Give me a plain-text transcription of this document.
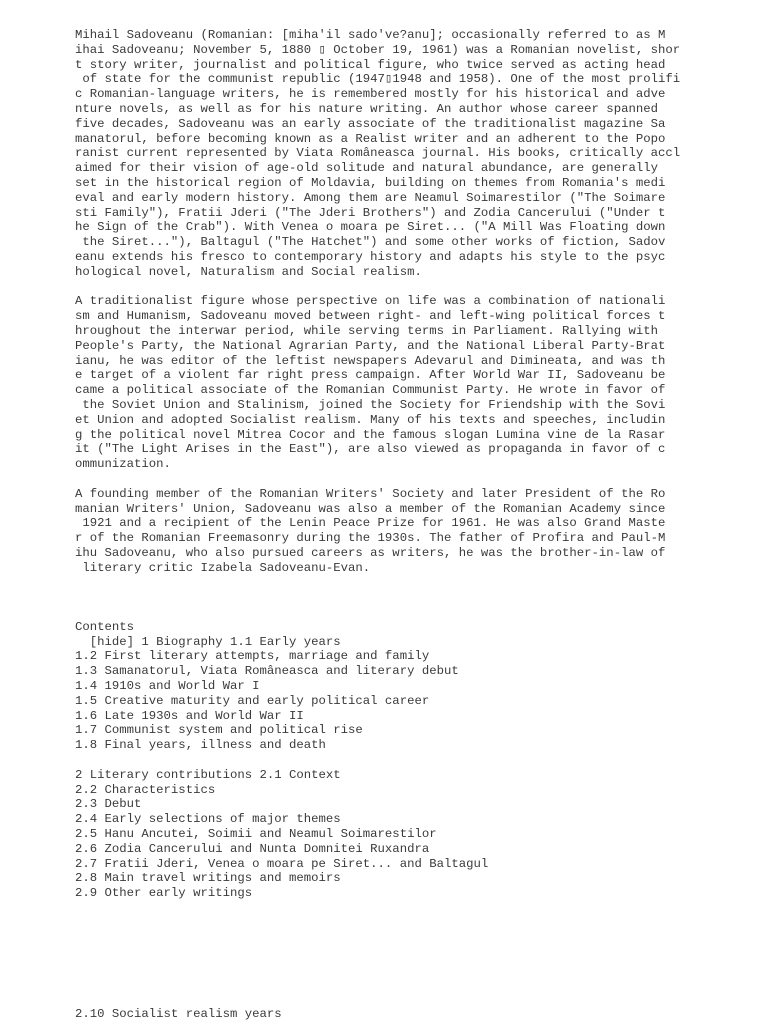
Mihail Sadoveanu (Romanian: [miha'il sado've?anu]; occasionally referred to as M
ihai Sadoveanu; November 5, 1880 ▯ October 19, 1961) was a Romanian novelist, shor
t story writer, journalist and political figure, who twice served as acting head
of state for the communist republic (1947▯1948 and 1958). One of the most prolifi
c Romanian-language writers, he is remembered mostly for his historical and adve
nture novels, as well as for his nature writing. An author whose career spanned
five decades, Sadoveanu was an early associate of the traditionalist magazine Sa
manatorul, before becoming known as a Realist writer and an adherent to the Popo
ranist current represented by Viata Româneasca journal. His books, critically accl
aimed for their vision of age-old solitude and natural abundance, are generally
set in the historical region of Moldavia, building on themes from Romania's medi
eval and early modern history. Among them are Neamul Soimarestilor ("The Soimare
sti Family"), Fratii Jderi ("The Jderi Brothers") and Zodia Cancerului ("Under t
he Sign of the Crab"). With Venea o moara pe Siret... ("A Mill Was Floating down
the Siret..."), Baltagul ("The Hatchet") and some other works of fiction, Sadov
eanu extends his fresco to contemporary history and adapts his style to the psyc
hological novel, Naturalism and Social realism.
A traditionalist figure whose perspective on life was a combination of nationali
sm and Humanism, Sadoveanu moved between right- and left-wing political forces t
hroughout the interwar period, while serving terms in Parliament. Rallying with
People's Party, the National Agrarian Party, and the National Liberal Party-Brat
ianu, he was editor of the leftist newspapers Adevarul and Dimineata, and was th
e target of a violent far right press campaign. After World War II, Sadoveanu be
came a political associate of the Romanian Communist Party. He wrote in favor of
the Soviet Union and Stalinism, joined the Society for Friendship with the Sovi
et Union and adopted Socialist realism. Many of his texts and speeches, includin
g the political novel Mitrea Cocor and the famous slogan Lumina vine de la Rasar
it ("The Light Arises in the East"), are also viewed as propaganda in favor of c
ommunization.
A founding member of the Romanian Writers' Society and later President of the Ro
manian Writers' Union, Sadoveanu was also a member of the Romanian Academy since
1921 and a recipient of the Lenin Peace Prize for 1961. He was also Grand Maste
r of the Romanian Freemasonry during the 1930s. The father of Profira and Paul-M
ihu Sadoveanu, who also pursued careers as writers, he was the brother-in-law of
literary critic Izabela Sadoveanu-Evan.
Contents
[hide] 1 Biography 1.1 Early years
1.2 First literary attempts, marriage and family
1.3 Samanatorul, Viata Româneasca and literary debut
1.4 1910s and World War I
1.5 Creative maturity and early political career
1.6 Late 1930s and World War II
1.7 Communist system and political rise
1.8 Final years, illness and death
2 Literary contributions 2.1 Context
2.2 Characteristics
2.3 Debut
2.4 Early selections of major themes
2.5 Hanu Ancutei, Soimii and Neamul Soimarestilor
2.6 Zodia Cancerului and Nunta Domnitei Ruxandra
2.7 Fratii Jderi, Venea o moara pe Siret... and Baltagul
2.8 Main travel writings and memoirs
2.9 Other early writings
2.10 Socialist realism years
